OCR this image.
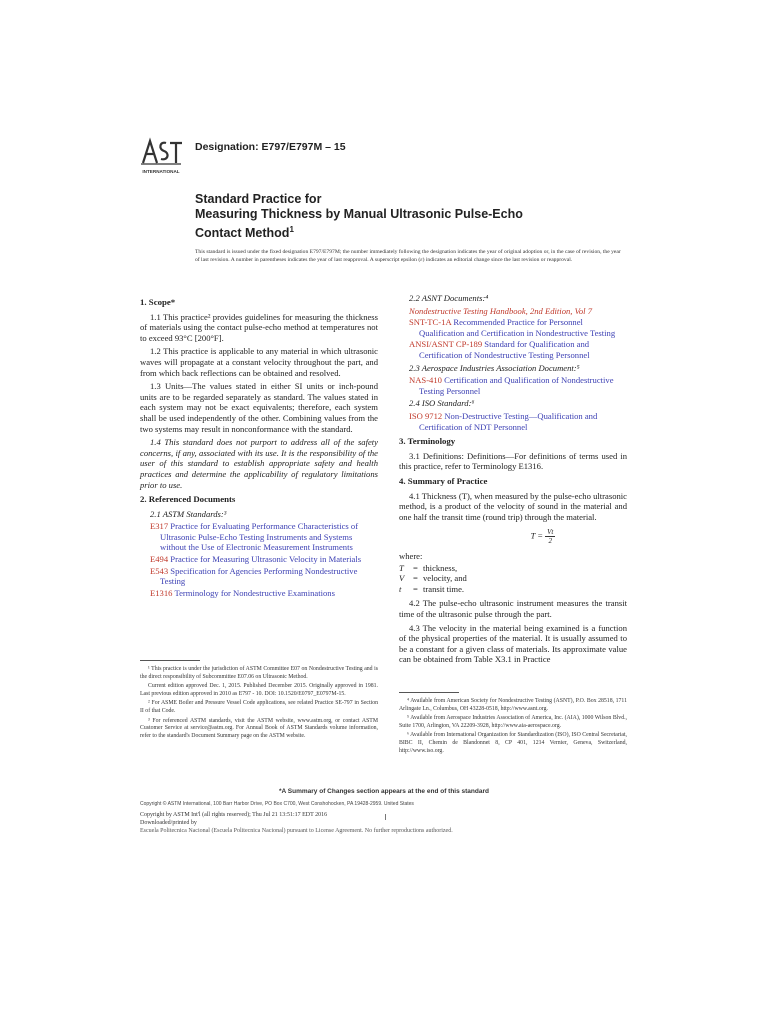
INTERNATIONAL
Designation: E797/E797M – 15
Standard Practice for
Measuring Thickness by Manual Ultrasonic Pulse-Echo
Contact Method$^1$
This standard is issued under the fixed designation E797/E797M; the number immediately following the designation indicates the year of original adoption or, in the case of revision, the year of last revision. A number in parentheses indicates the year of last reapproval. A superscript epsilon (ε) indicates an editorial change since the last revision or reapproval.
1. Scope*

1.1 This practice² provides guidelines for measuring the thickness of materials using the contact pulse-echo method at temperatures not to exceed 93°C [200°F].

1.2 This practice is applicable to any material in which ultrasonic waves will propagate at a constant velocity throughout the part, and from which back reflections can be obtained and resolved.

1.3 Units—The values stated in either SI units or inch-pound units are to be regarded separately as standard. The values stated in each system may not be exact equivalents; therefore, each system shall be used independently of the other. Combining values from the two systems may result in nonconformance with the standard.

1.4 This standard does not purport to address all of the safety concerns, if any, associated with its use. It is the responsibility of the user of this standard to establish appropriate safety and health practices and determine the applicability of regulatory limitations prior to use.

2. Referenced Documents
2.1 ASTM Standards:³
E317 Practice for Evaluating Performance Characteristics of Ultrasonic Pulse-Echo Testing Instruments and Systems without the Use of Electronic Measurement Instruments
E494 Practice for Measuring Ultrasonic Velocity in Materials
E543 Specification for Agencies Performing Nondestructive Testing
E1316 Terminology for Nondestructive Examinations
2.2 ASNT Documents:⁴
Nondestructive Testing Handbook, 2nd Edition, Vol 7
SNT-TC-1A Recommended Practice for Personnel Qualification and Certification in Nondestructive Testing
ANSI/ASNT CP-189 Standard for Qualification and Certification of Nondestructive Testing Personnel
2.3 Aerospace Industries Association Document:⁵
NAS-410 Certification and Qualification of Nondestructive Testing Personnel
2.4 ISO Standard:⁶
ISO 9712 Non-Destructive Testing—Qualification and Certification of NDT Personnel
3. Terminology

3.1 Definitions: Definitions—For definitions of terms used in this practice, refer to Terminology E1316.

4. Summary of Practice

4.1 Thickness (T), when measured by the pulse-echo ultrasonic method, is a product of the velocity of sound in the material and one half the transit time (round trip) through the material.

$T = \frac{Vt}{2}$
where:
T	= thickness,
V	= velocity, and
t	= transit time.

4.2 The pulse-echo ultrasonic instrument measures the transit time of the ultrasonic pulse through the part.

4.3 The velocity in the material being examined is a function of the physical properties of the material. It is usually assumed to be a constant for a given class of materials. Its approximate value can be obtained from Table X3.1 in Practice

¹ This practice is under the jurisdiction of ASTM Committee E07 on Nondestructive Testing and is the direct responsibility of Subcommittee E07.06 on Ultrasonic Method.

Current edition approved Dec. 1, 2015. Published December 2015. Originally approved in 1981. Last previous edition approved in 2010 as E797 - 10. DOI: 10.1520/E0797_E0797M-15.

² For ASME Boiler and Pressure Vessel Code applications, see related Practice SE-797 in Section II of that Code.

³ For referenced ASTM standards, visit the ASTM website, www.astm.org, or contact ASTM Customer Service at service@astm.org. For Annual Book of ASTM Standards volume information, refer to the standard's Document Summary page on the ASTM website.

⁴ Available from American Society for Nondestructive Testing (ASNT), P.O. Box 28518, 1711 Arlingate Ln., Columbus, OH 43228-0518, http://www.asnt.org.

⁵ Available from Aerospace Industries Association of America, Inc. (AIA), 1000 Wilson Blvd., Suite 1700, Arlington, VA 22209-3928, http://www.aia-aerospace.org.

⁶ Available from International Organization for Standardization (ISO), ISO Central Secretariat, BIBC II, Chemin de Blandonnet 8, CP 401, 1214 Vernier, Geneva, Switzerland, http://www.iso.org.

*A Summary of Changes section appears at the end of this standard
Copyright © ASTM International, 100 Barr Harbor Drive, PO Box C700, West Conshohocken, PA 19428-2959. United States
Copyright by ASTM Int'l (all rights reserved); Thu Jul 21 13:51:17 EDT 2016
Downloaded/printed by
Escuela Politecnica Nacional (Escuela Politecnica Nacional) pursuant to License Agreement. No further reproductions authorized.
